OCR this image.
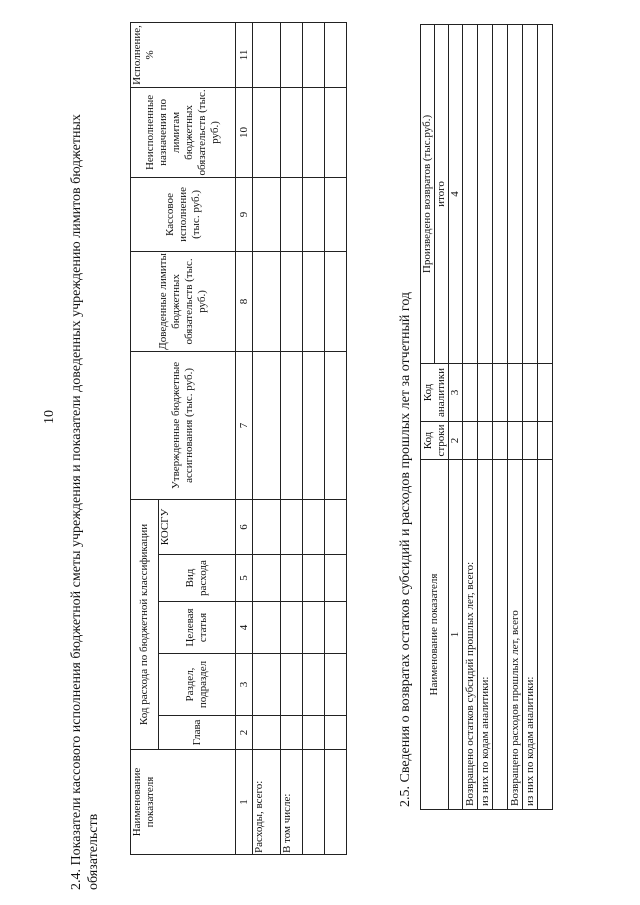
10 2.4. Показатели кассового исполнения бюджетной сметы учреждения и показатели доведенных учреждению лимитов бюджетных обязательств
Наименование показателя	Код расхода по бюджетной классификации					Утвержденные бюджетные ассигнования (тыс. руб.)	Доведенные лимиты бюджетных обязательств (тыс. руб.)	Кассовое исполнение (тыс. руб.)	Неисполненные назначения по лимитам бюджетных обязательств (тыс. руб.)	Исполнение, %
	Глава	Раздел, подраздел	Целевая статья	Вид расхода	КОСГУ					
1	2	3	4	5	6	7	8	9	10	11
Расходы, всего:										
В том числе:										

2.5. Сведения о возвратах остатков субсидий и расходов прошлых лет за отчетный год Наименование показателя	Код строки	Код аналитики	Произведено возвратов (тыс.руб.)
			итого
1	2	3	4
Возвращено остатков субсидий прошлых лет, всего:			
из них по кодам аналитики:			

Возвращено расходов прошлых лет, всего			
из них по кодам аналитики:			
